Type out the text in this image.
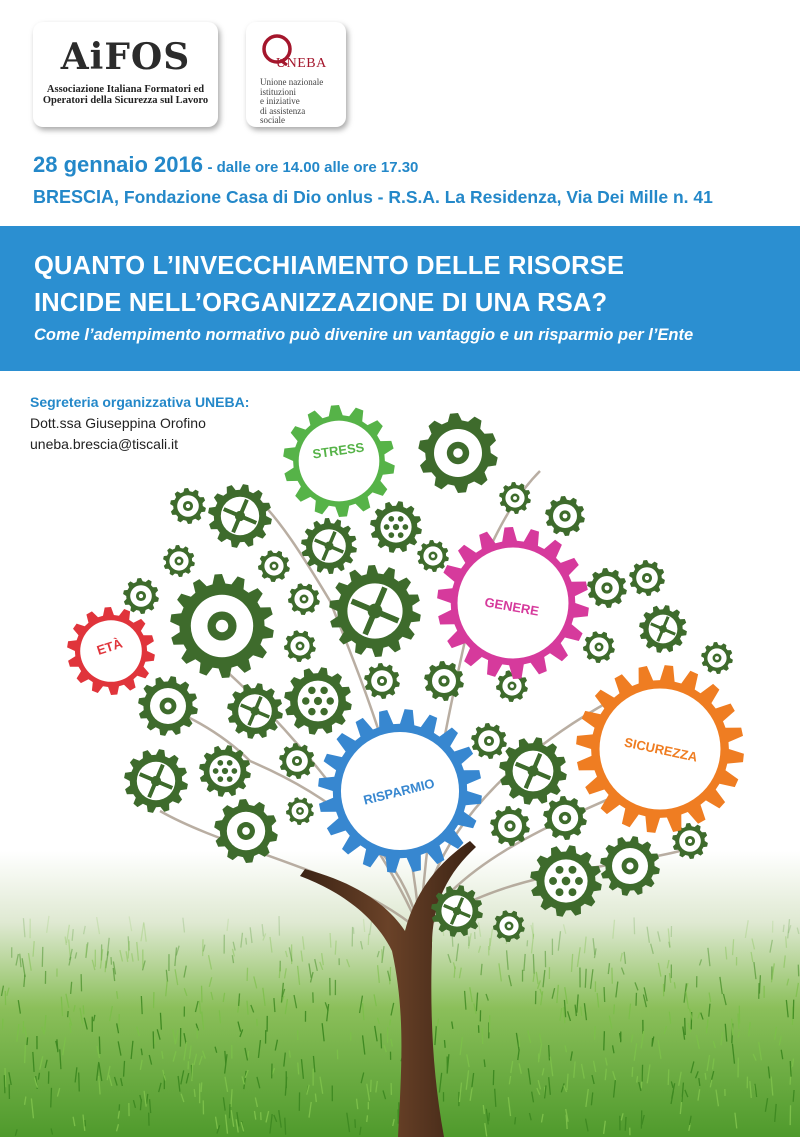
AiFOS
Associazione Italiana Formatori ed
Operatori della Sicurezza sul Lavoro
UNEBA
Unione nazionale
istituzioni
e iniziative
di assistenza
sociale
28 gennaio 2016 - dalle ore 14.00 alle ore 17.30
BRESCIA, Fondazione Casa di Dio onlus - R.S.A. La Residenza, Via Dei Mille n. 41
QUANTO L’INVECCHIAMENTO DELLE RISORSE
INCIDE NELL’ORGANIZZAZIONE DI UNA RSA?
Come l’adempimento normativo può divenire un vantaggio e un risparmio per l’Ente
STRESS
GENERE
ETÀ
RISPARMIO
SICUREZZA
Segreteria organizzativa UNEBA:
Dott.ssa Giuseppina Orofino
uneba.brescia@tiscali.it
